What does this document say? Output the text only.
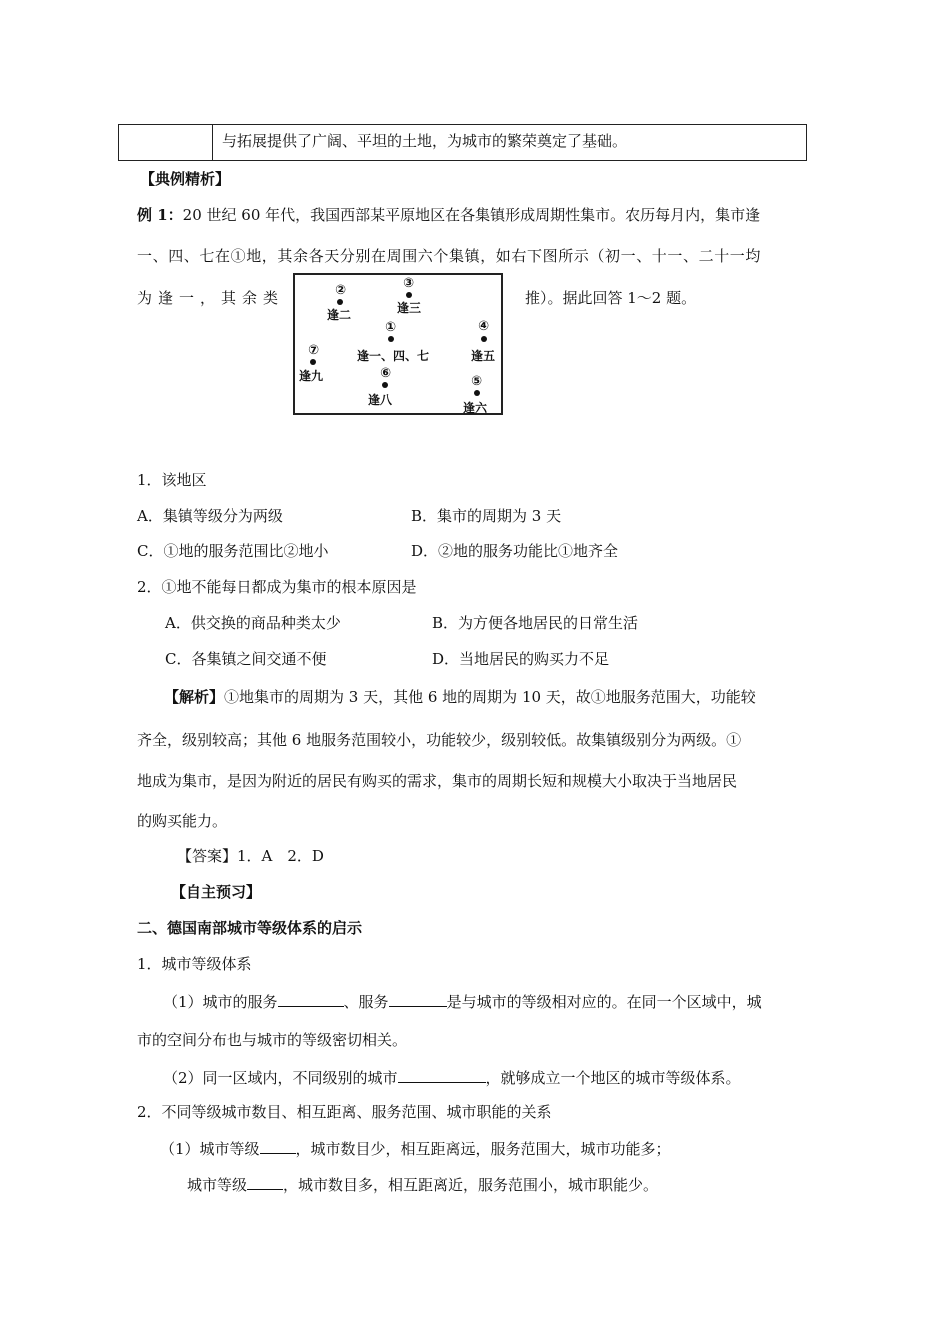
与拓展提供了广阔、平坦的土地，为城市的繁荣奠定了基础。
【典例精析】
例 1：20 世纪 60 年代，我国西部某平原地区在各集镇形成周期性集市。农历每月内，集市逢
一、四、七在①地，其余各天分别在周围六个集镇，如右下图所示（初一、十一、二十一均
为逢一，其余类	推）。据此回答 1～2 题。
②
逢二
③
逢三
①
逢一、四、七
④
逢五
⑦
逢九	⑥
逢八
⑤
逢六
1．该地区
A．集镇等级分为两级	B．集市的周期为 3 天
C．①地的服务范围比②地小	D．②地的服务功能比①地齐全
2．①地不能每日都成为集市的根本原因是
A．供交换的商品种类太少	B．为方便各地居民的日常生活
C．各集镇之间交通不便	D．当地居民的购买力不足
【解析】①地集市的周期为 3 天，其他 6 地的周期为 10 天，故①地服务范围大，功能较
齐全，级别较高；其他 6 地服务范围较小，功能较少，级别较低。故集镇级别分为两级。①
地成为集市，是因为附近的居民有购买的需求，集市的周期长短和规模大小取决于当地居民
的购买能力。
【答案】1．A　2．D
【自主预习】
二、德国南部城市等级体系的启示
1．城市等级体系
（1）城市的服务	、服务	是与城市的等级相对应的。在同一个区域中，城
市的空间分布也与城市的等级密切相关。
（2）同一区域内，不同级别的城市	，就够成立一个地区的城市等级体系。
2．不同等级城市数目、相互距离、服务范围、城市职能的关系
（1）城市等级 ，城市数目少，相互距离远，服务范围大，城市功能多；
城市等级 ，城市数目多，相互距离近，服务范围小，城市职能少。
